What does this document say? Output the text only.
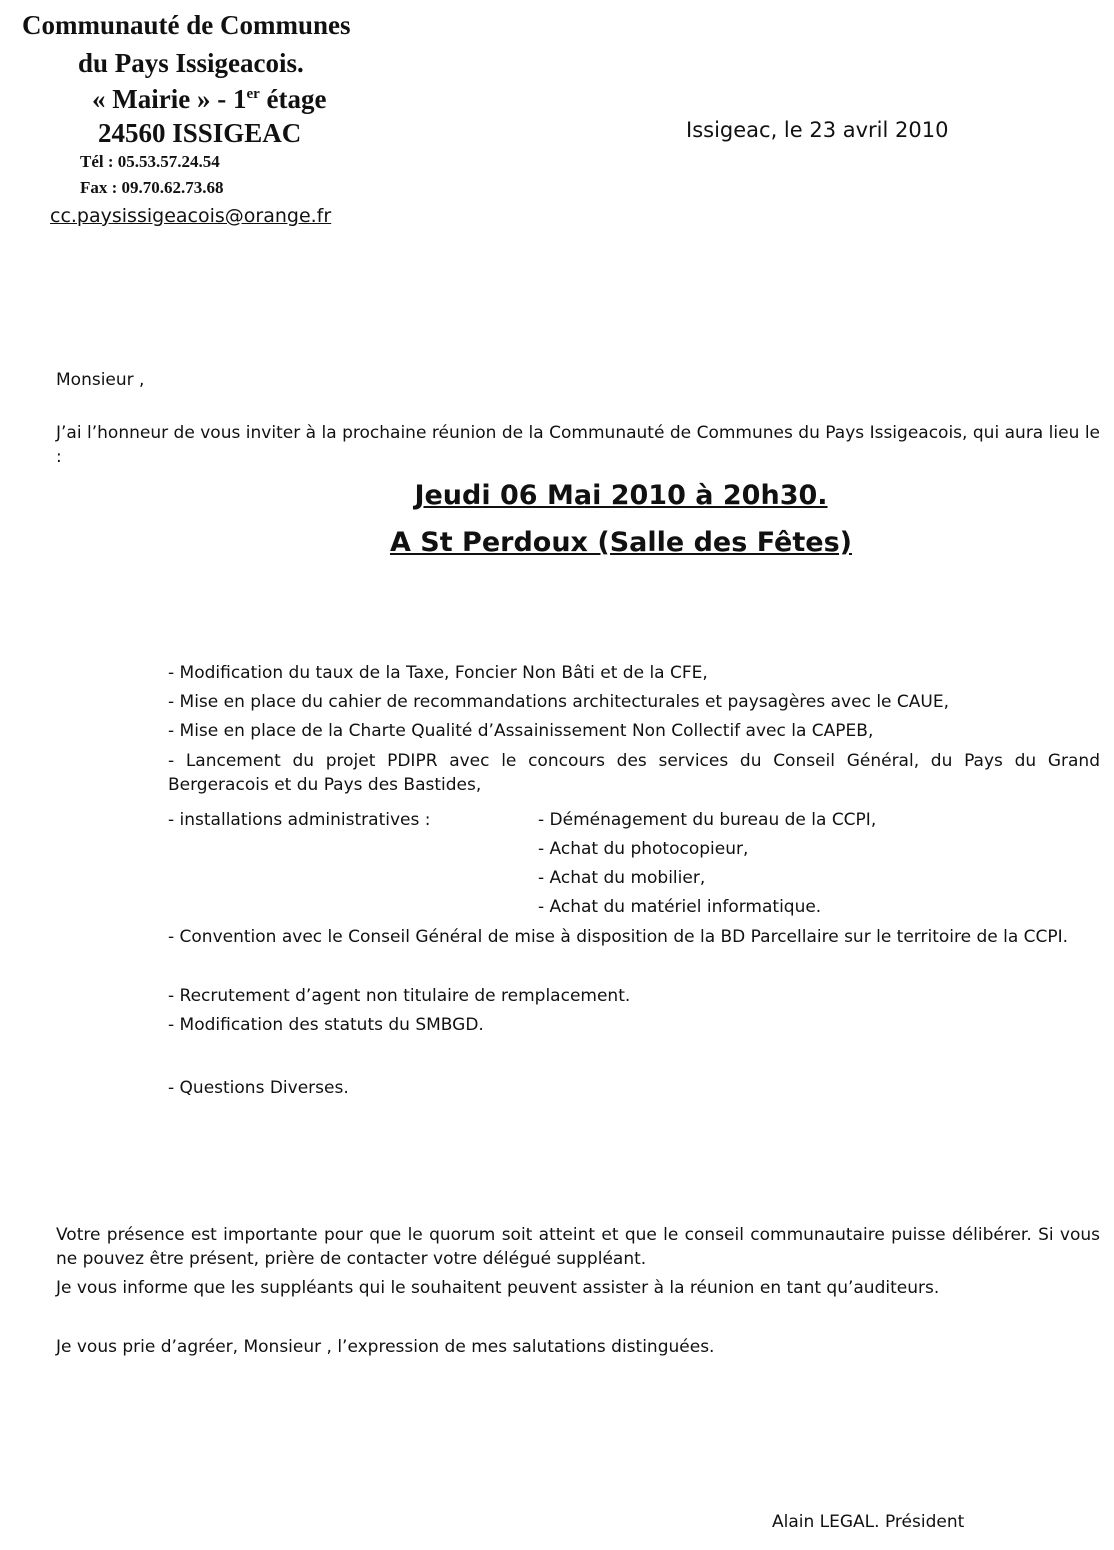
Communauté de Communes
du Pays Issigeacois.
« Mairie » - 1er étage
24560 ISSIGEAC
Tél : 05.53.57.24.54
Fax : 09.70.62.73.68
cc.paysissigeacois@orange.fr
Issigeac, le 23 avril 2010
Monsieur ,
J’ai l’honneur de vous inviter à la prochaine réunion de la Communauté de Communes du Pays Issigeacois, qui aura lieu le :
Jeudi 06 Mai 2010 à 20h30.
A St Perdoux (Salle des Fêtes)
- Modification du taux de la Taxe, Foncier Non Bâti et de la CFE,
- Mise en place du cahier de recommandations architecturales et paysagères avec le CAUE,
- Mise en place de la Charte Qualité d’Assainissement Non Collectif avec la CAPEB,
- Lancement du projet PDIPR avec le concours des services du Conseil Général, du Pays du Grand Bergeracois et du Pays des Bastides,
- installations administratives :	- Déménagement du bureau de la CCPI,
- Achat du photocopieur,
- Achat du mobilier,
- Achat du matériel informatique.
- Convention avec le Conseil Général de mise à disposition de la BD Parcellaire sur le territoire de la CCPI.
- Recrutement d’agent non titulaire de remplacement.
- Modification des statuts du SMBGD.
- Questions Diverses.
Votre présence est importante pour que le quorum soit atteint et que le conseil communautaire puisse délibérer. Si vous ne pouvez être présent, prière de contacter votre délégué suppléant.
Je vous informe que les suppléants qui le souhaitent peuvent assister à la réunion en tant qu’auditeurs.
Je vous prie d’agréer, Monsieur , l’expression de mes salutations distinguées.
Alain LEGAL. Président
